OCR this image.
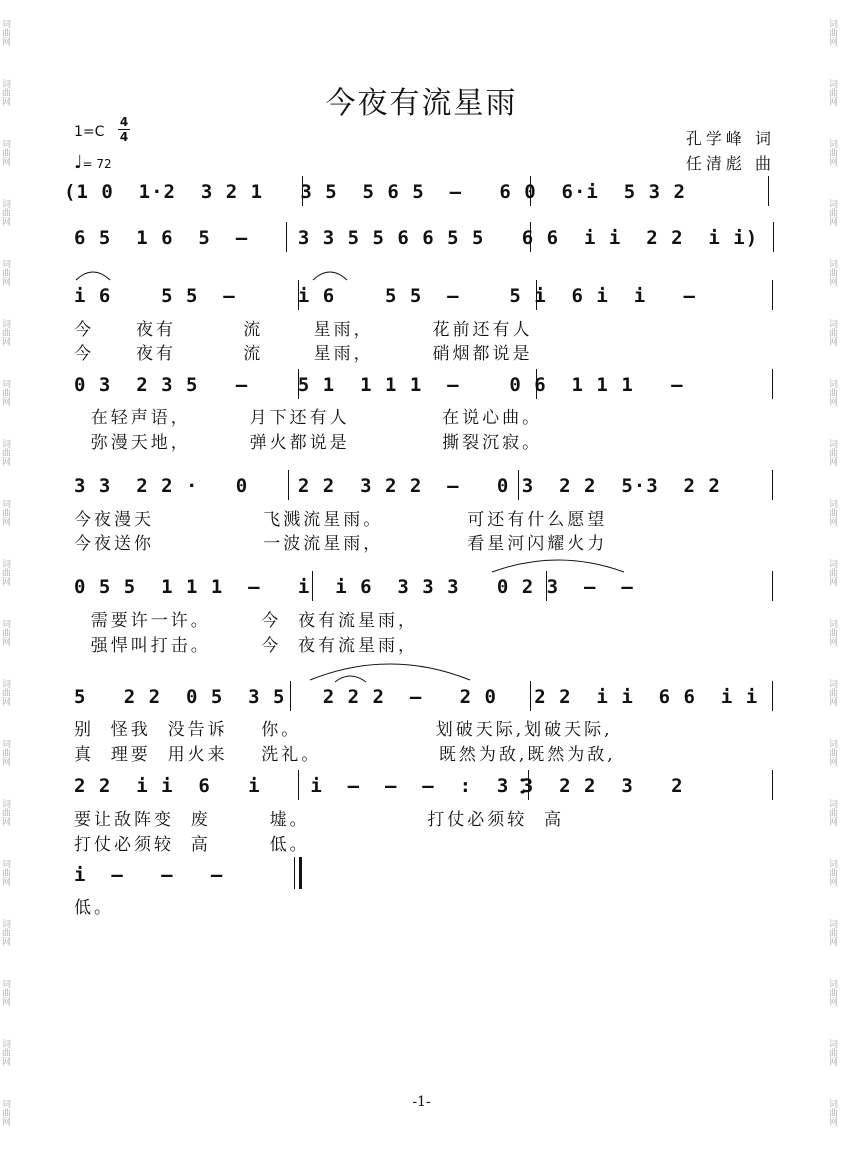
词曲网
词曲网
词曲网
词曲网
词曲网
词曲网
词曲网
词曲网
词曲网
词曲网
词曲网
词曲网
词曲网
词曲网
词曲网
词曲网
词曲网
词曲网
词曲网
词曲网
词曲网
词曲网
词曲网
词曲网
词曲网
词曲网
词曲网
词曲网
词曲网
词曲网
词曲网
词曲网
词曲网
词曲网
词曲网
词曲网
词曲网
词曲网
今夜有流星雨
1=C
4
4
♩= 72
孔学峰 词
任清彪 曲
(1 0  1·2  3 2 1   3 5  5 6 5  –   6 0  6·i  5 3 2
6 5  1 6  5  –    3 3 5 5 6 6 5 5   6 6  i i  2 2  i i)
i 6    5 5  –     i 6    5 5  –    5 i  6 i  i   –
今     夜有        流      星雨，       花前还有人
今     夜有        流      星雨，       硝烟都说是
0 3  2 3 5   –    5 1  1 1 1  –    0 6  1 1 1   –
在轻声语，       月下还有人           在说心曲。
弥漫天地，       弹火都说是           撕裂沉寂。
3 3  2 2 ·   0    2 2  3 2 2  –   0 3  2 2  5·3  2 2
今夜漫天             飞溅流星雨。          可还有什么愿望
今夜送你             一波流星雨，          看星河闪耀火力
0 5 5  1 1 1  –   i  i 6  3 3 3   0 2 3  –  –
需要许一许。      今  夜有流星雨，
强悍叫打击。      今  夜有流星雨，
5   2 2  0 5  3 5   2 2 2  –   2 0   2 2  i i  6 6  i i
别  怪我  没告诉    你。                划破天际,划破天际,
真  理要  用火来    洗礼。              既然为敌,既然为敌,
2 2  i i  6   i    i  –  –  –  :  3 3  2 2  3   2
要让敌阵变  废       墟。              打仗必须较  高
打仗必须较  高       低。
i  –   –   –
低。
-1-
